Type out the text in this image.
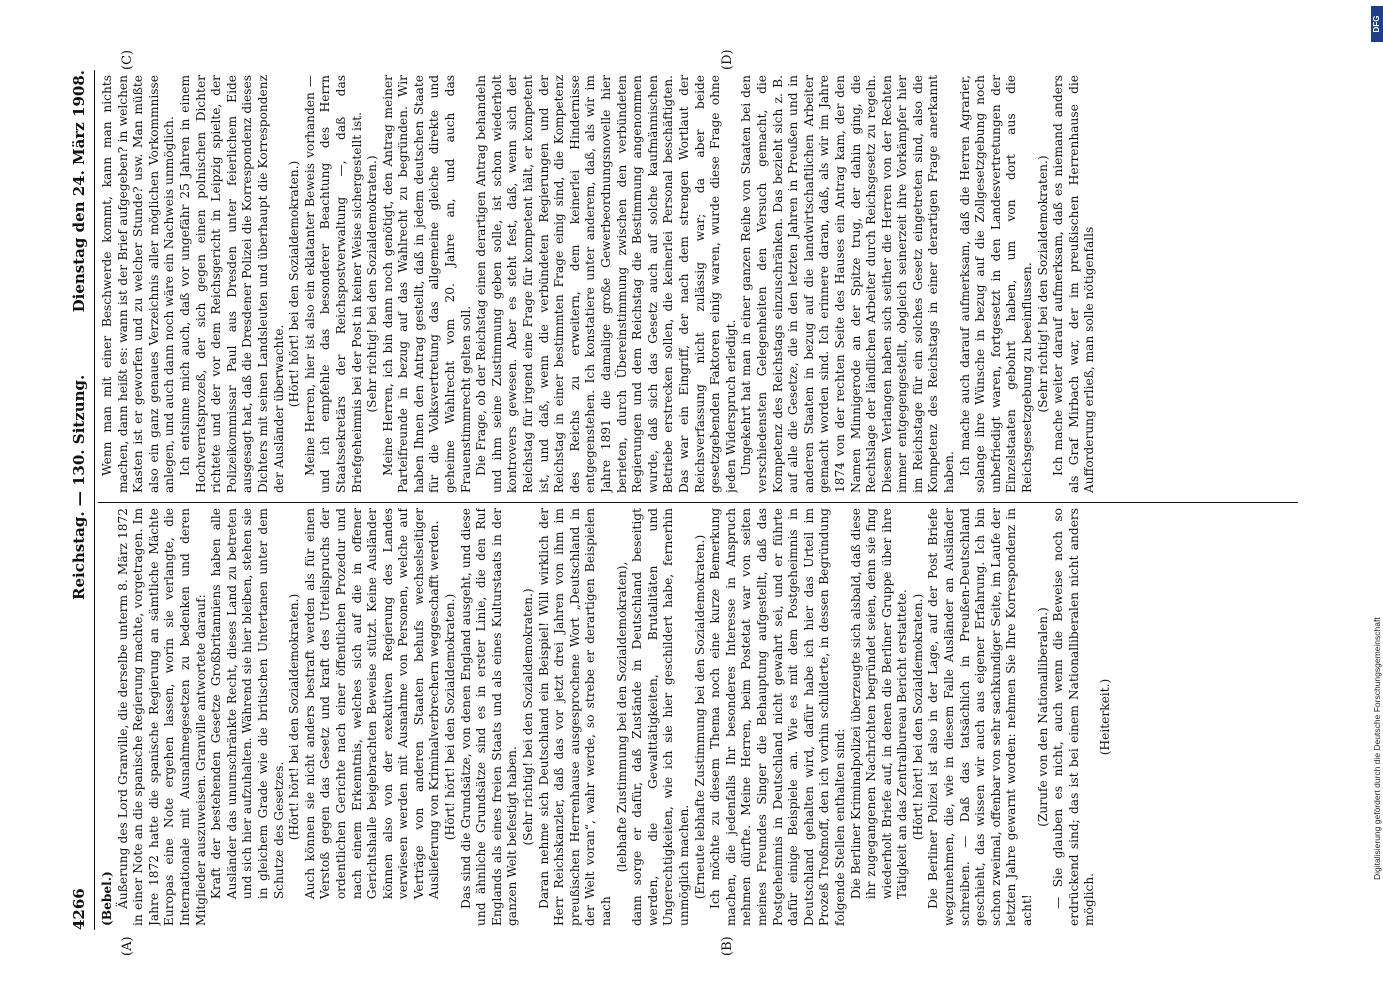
4266
Reichstag. — 130. Sitzung.
Dienstag den 24. März 1908.
(A)	(B)
(C)	(D)

(Bebel.) Äußerung des Lord Granville, die derselbe unterm 8. März 1872 in einer Note an die spanische Regierung machte, vorgetragen. Im Jahre 1872 hatte die spanische Regierung an sämtliche Mächte Europas eine Note ergehen lassen, worin sie verlangte, die Internationale mit Ausnahmegesetzen zu bedenken und deren Mitglieder auszuweisen. Granville antwortete darauf: Kraft der bestehenden Gesetze Großbritanniens haben alle Ausländer das unumschränkte Recht, dieses Land zu betreten und sich hier aufzuhalten. Während sie hier bleiben, stehen sie in gleichem Grade wie die britischen Untertanen unter dem Schutze des Gesetzes. (Hört! hört! bei den Sozialdemokraten.) Auch können sie nicht anders bestraft werden als für einen Verstoß gegen das Gesetz und kraft des Urteilspruchs der ordentlichen Gerichte nach einer öffentlichen Prozedur und nach einem Erkenntnis, welches sich auf die in offener Gerichtshalle beigebrachten Beweise stützt. Keine Ausländer können also von der exekutiven Regierung des Landes verwiesen werden mit Ausnahme von Personen, welche auf Verträge von anderen Staaten behufs wechselseitiger Auslieferung von Kriminalverbrechern weggeschafft werden. (Hört! hört! bei den Sozialdemokraten.) Das sind die Grundsätze, von denen England ausgeht, und diese und ähnliche Grundsätze sind es in erster Linie, die den Ruf Englands als eines freien Staats und als eines Kulturstaats in der ganzen Welt befestigt haben. (Sehr richtig! bei den Sozialdemokraten.) Daran nehme sich Deutschland ein Beispiel! Will wirklich der Herr Reichskanzler, daß das vor jetzt drei Jahren von ihm im preußischen Herrenhause ausgesprochene Wort „Deutschland in der Welt voran“, wahr werde, so strebe er derartigen Beispielen nach

(lebhafte Zustimmung bei den Sozialdemokraten), dann sorge er dafür, daß Zustände in Deutschland beseitigt werden, die Gewalttätigkeiten, Brutalitäten und Ungerechtigkeiten, wie ich sie hier geschildert habe, fernerhin unmöglich machen. (Erneute lebhafte Zustimmung bei den Sozialdemokraten.) Ich möchte zu diesem Thema noch eine kurze Bemerkung machen, die jedenfalls Ihr besonderes Interesse in Anspruch nehmen dürfte. Meine Herren, beim Postetat war von seiten meines Freundes Singer die Behauptung aufgestellt, daß das Postgeheimnis in Deutschland nicht gewahrt sei, und er führte dafür einige Beispiele an. Wie es mit dem Postgeheimnis in Deutschland gehalten wird, dafür habe ich hier das Urteil im Prozeß Troßmoff, den ich vorhin schilderte, in dessen Begründung folgende Stellen enthalten sind: Die Berliner Kriminalpolizei überzeugte sich alsbald, daß diese ihr zugegangenen Nachrichten begründet seien, denn sie fing wiederholt Briefe auf, in denen die Berliner Gruppe über ihre Tätigkeit an das Zentralbureau Bericht erstattete. (Hört! hört! bei den Sozialdemokraten.) Die Berliner Polizei ist also in der Lage, auf der Post Briefe wegzunehmen, die, wie in diesem Falle Ausländer an Ausländer schreiben. — Daß das tatsächlich in Preußen-Deutschland geschieht, das wissen wir auch aus eigener Erfahrung. Ich bin schon zweimal, offenbar von sehr sachkundiger Seite, im Laufe der letzten Jahre gewarnt worden: nehmen Sie Ihre Korrespondenz in acht!

(Zurufe von den Nationalliberalen.) — Sie glauben es nicht, auch wenn die Beweise noch so erdrückend sind; das ist bei einem Nationalliberalen nicht anders möglich.

(Heiterkeit.)

Wenn man mit einer Beschwerde kommt, kann man nichts machen, dann heißt es: wann ist der Brief aufgegeben? in welchen Kasten ist er geworfen und zu welcher Stunde? usw. Man müßte also ein ganz genaues Verzeichnis aller möglichen Vorkommnisse anlegen, und auch dann noch wäre ein Nachweis unmöglich. Ich entsinne mich auch, daß vor ungefähr 25 Jahren in einem Hochverratsprozeß, der sich gegen einen polnischen Dichter richtete und der vor dem Reichsgericht in Leipzig spielte, der Polizeikommissar Paul aus Dresden unter feierlichem Eide ausgesagt hat, daß die Dresdener Polizei die Korrespondenz dieses Dichters mit seinen Landsleuten und überhaupt die Korrespondenz der Ausländer überwachte.

(Hört! hört! bei den Sozialdemokraten.) Meine Herren, hier ist also ein eklatanter Beweis vorhanden — und ich empfehle das besonderer Beachtung des Herrn Staatssekretärs der Reichspostverwaltung —, daß das Briefgeheimnis bei der Post in keiner Weise sichergestellt ist. (Sehr richtig! bei den Sozialdemokraten.) Meine Herren, ich bin dann noch genötigt, den Antrag meiner Parteifreunde in bezug auf das Wahlrecht zu begründen. Wir haben Ihnen den Antrag gestellt, daß in jedem deutschen Staate für die Volksvertretung das allgemeine gleiche direkte und geheime Wahlrecht vom 20. Jahre an, und auch das Frauenstimmrecht gelten soll. Die Frage, ob der Reichstag einen derartigen Antrag behandeln und ihm seine Zustimmung geben solle, ist schon wiederholt kontrovers gewesen. Aber es steht fest, daß, wenn sich der Reichstag für irgend eine Frage für kompetent hält, er kompetent ist, und daß, wenn die verbündeten Regierungen und der Reichstag in einer bestimmten Frage einig sind, die Kompetenz des Reichs zu erweitern, dem keinerlei Hindernisse entgegenstehen. Ich konstatiere unter anderem, daß, als wir im Jahre 1891 die damalige große Gewerbeordnungsnovelle hier berieten, durch Übereinstimmung zwischen den verbündeten Regierungen und dem Reichstag die Bestimmung angenommen wurde, daß sich das Gesetz auch auf solche kaufmännischen Betriebe erstrecken sollen, die keinerlei Personal beschäftigten. Das war ein Eingriff, der nach dem strengen Wortlaut der Reichsverfassung nicht zulässig war; da aber beide gesetzgebenden Faktoren einig waren, wurde diese Frage ohne jeden Widerspruch erledigt. Umgekehrt hat man in einer ganzen Reihe von Staaten bei den verschiedensten Gelegenheiten den Versuch gemacht, die Kompetenz des Reichstags einzuschränken. Das bezieht sich z. B. auf alle die Gesetze, die in den letzten Jahren in Preußen und in anderen Staaten in bezug auf die landwirtschaftlichen Arbeiter gemacht worden sind. Ich erinnere daran, daß, als wir im Jahre 1874 von der rechten Seite des Hauses ein Antrag kam, der den Namen Minnigerode an der Spitze trug, der dahin ging, die Rechtslage der ländlichen Arbeiter durch Reichsgesetz zu regeln. Diesem Verlangen haben sich seither die Herren von der Rechten immer entgegengestellt, obgleich seinerzeit ihre Vorkämpfer hier im Reichstage für ein solches Gesetz eingetreten sind, also die Kompetenz des Reichstags in einer derartigen Frage anerkannt haben. Ich mache auch darauf aufmerksam, daß die Herren Agrarier, solange ihre Wünsche in bezug auf die Zollgesetzgebung noch unbefriedigt waren, fortgesetzt in den Landesvertretungen der Einzelstaaten gebohrt haben, um von dort aus die Reichsgesetzgebung zu beeinflussen. (Sehr richtig! bei den Sozialdemokraten.) Ich mache weiter darauf aufmerksam, daß es niemand anders als Graf Mirbach war, der im preußischen Herrenhause die Aufforderung erließ, man solle nötigenfalls

DFG
Digitalisierung gefördert durch die Deutsche Forschungsgemeinschaft
